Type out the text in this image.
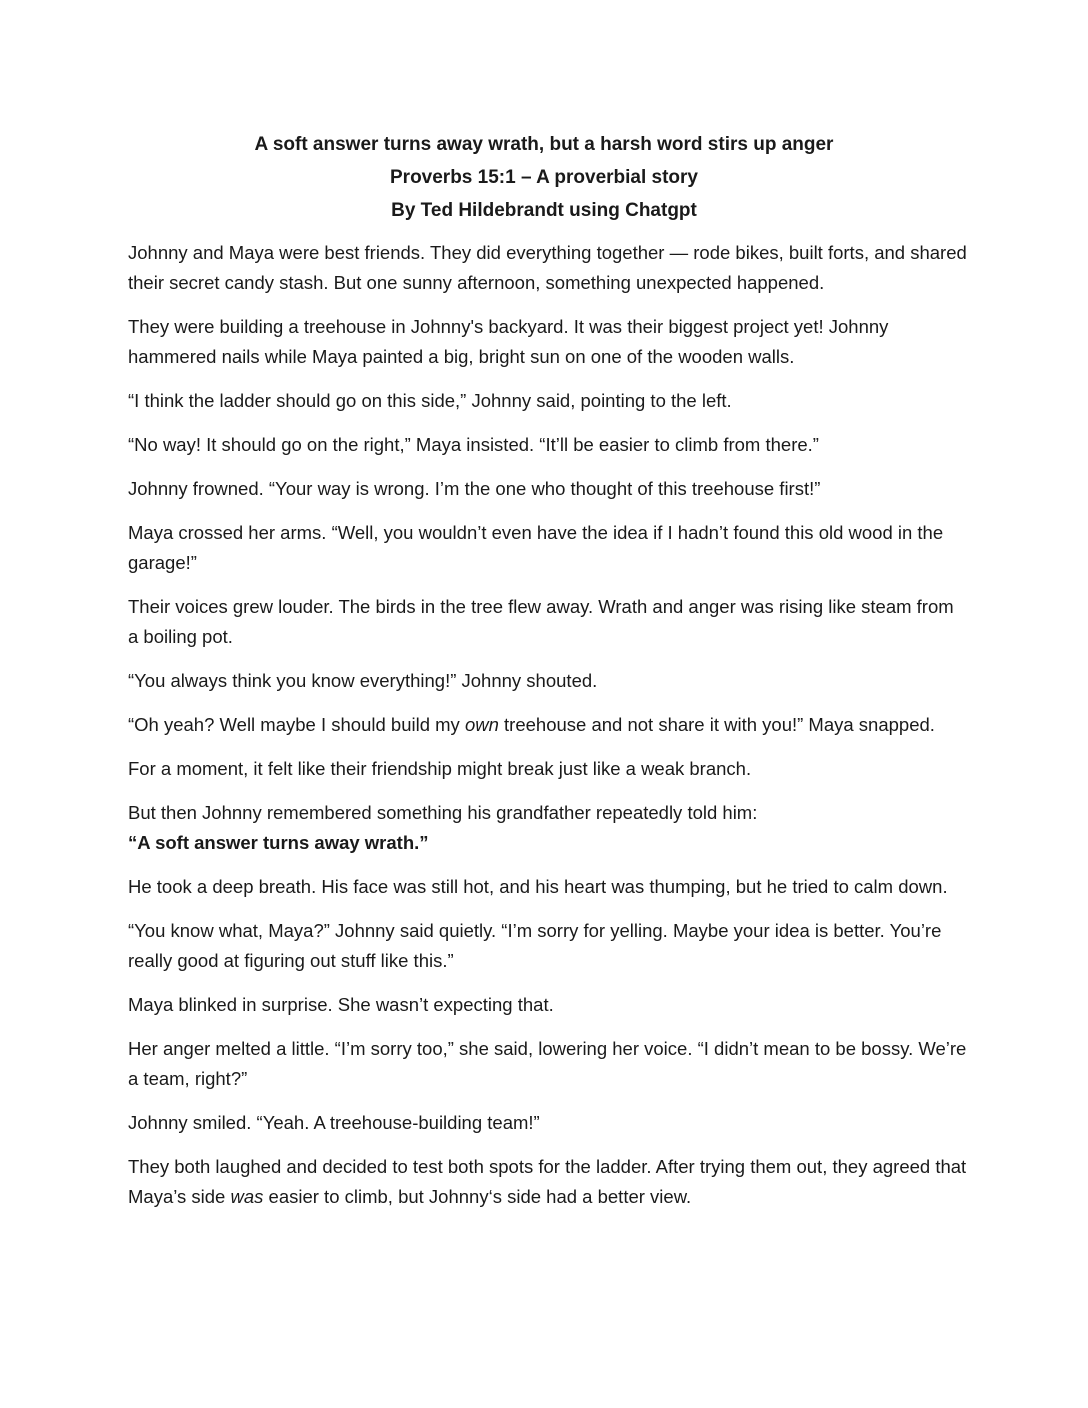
A soft answer turns away wrath, but a harsh word stirs up anger

Proverbs 15:1 – A proverbial story

By Ted Hildebrandt using Chatgpt

Johnny and Maya were best friends. They did everything together — rode bikes, built forts, and shared their secret candy stash. But one sunny afternoon, something unexpected happened.

They were building a treehouse in Johnny's backyard. It was their biggest project yet! Johnny hammered nails while Maya painted a big, bright sun on one of the wooden walls.

“I think the ladder should go on this side,” Johnny said, pointing to the left.

“No way! It should go on the right,” Maya insisted. “It’ll be easier to climb from there.”

Johnny frowned. “Your way is wrong. I’m the one who thought of this treehouse first!”

Maya crossed her arms. “Well, you wouldn’t even have the idea if I hadn’t found this old wood in the garage!”

Their voices grew louder. The birds in the tree flew away. Wrath and anger was rising like steam from a boiling pot.

“You always think you know everything!” Johnny shouted.

“Oh yeah? Well maybe I should build my own treehouse and not share it with you!” Maya snapped.

For a moment, it felt like their friendship might break just like a weak branch.

But then Johnny remembered something his grandfather repeatedly told him:

“A soft answer turns away wrath.”

He took a deep breath. His face was still hot, and his heart was thumping, but he tried to calm down.

“You know what, Maya?” Johnny said quietly. “I’m sorry for yelling. Maybe your idea is better. You’re really good at figuring out stuff like this.”

Maya blinked in surprise. She wasn’t expecting that.

Her anger melted a little. “I’m sorry too,” she said, lowering her voice. “I didn’t mean to be bossy. We’re a team, right?”

Johnny smiled. “Yeah. A treehouse-building team!”

They both laughed and decided to test both spots for the ladder. After trying them out, they agreed that Maya’s side was easier to climb, but Johnny‘s side had a better view.
